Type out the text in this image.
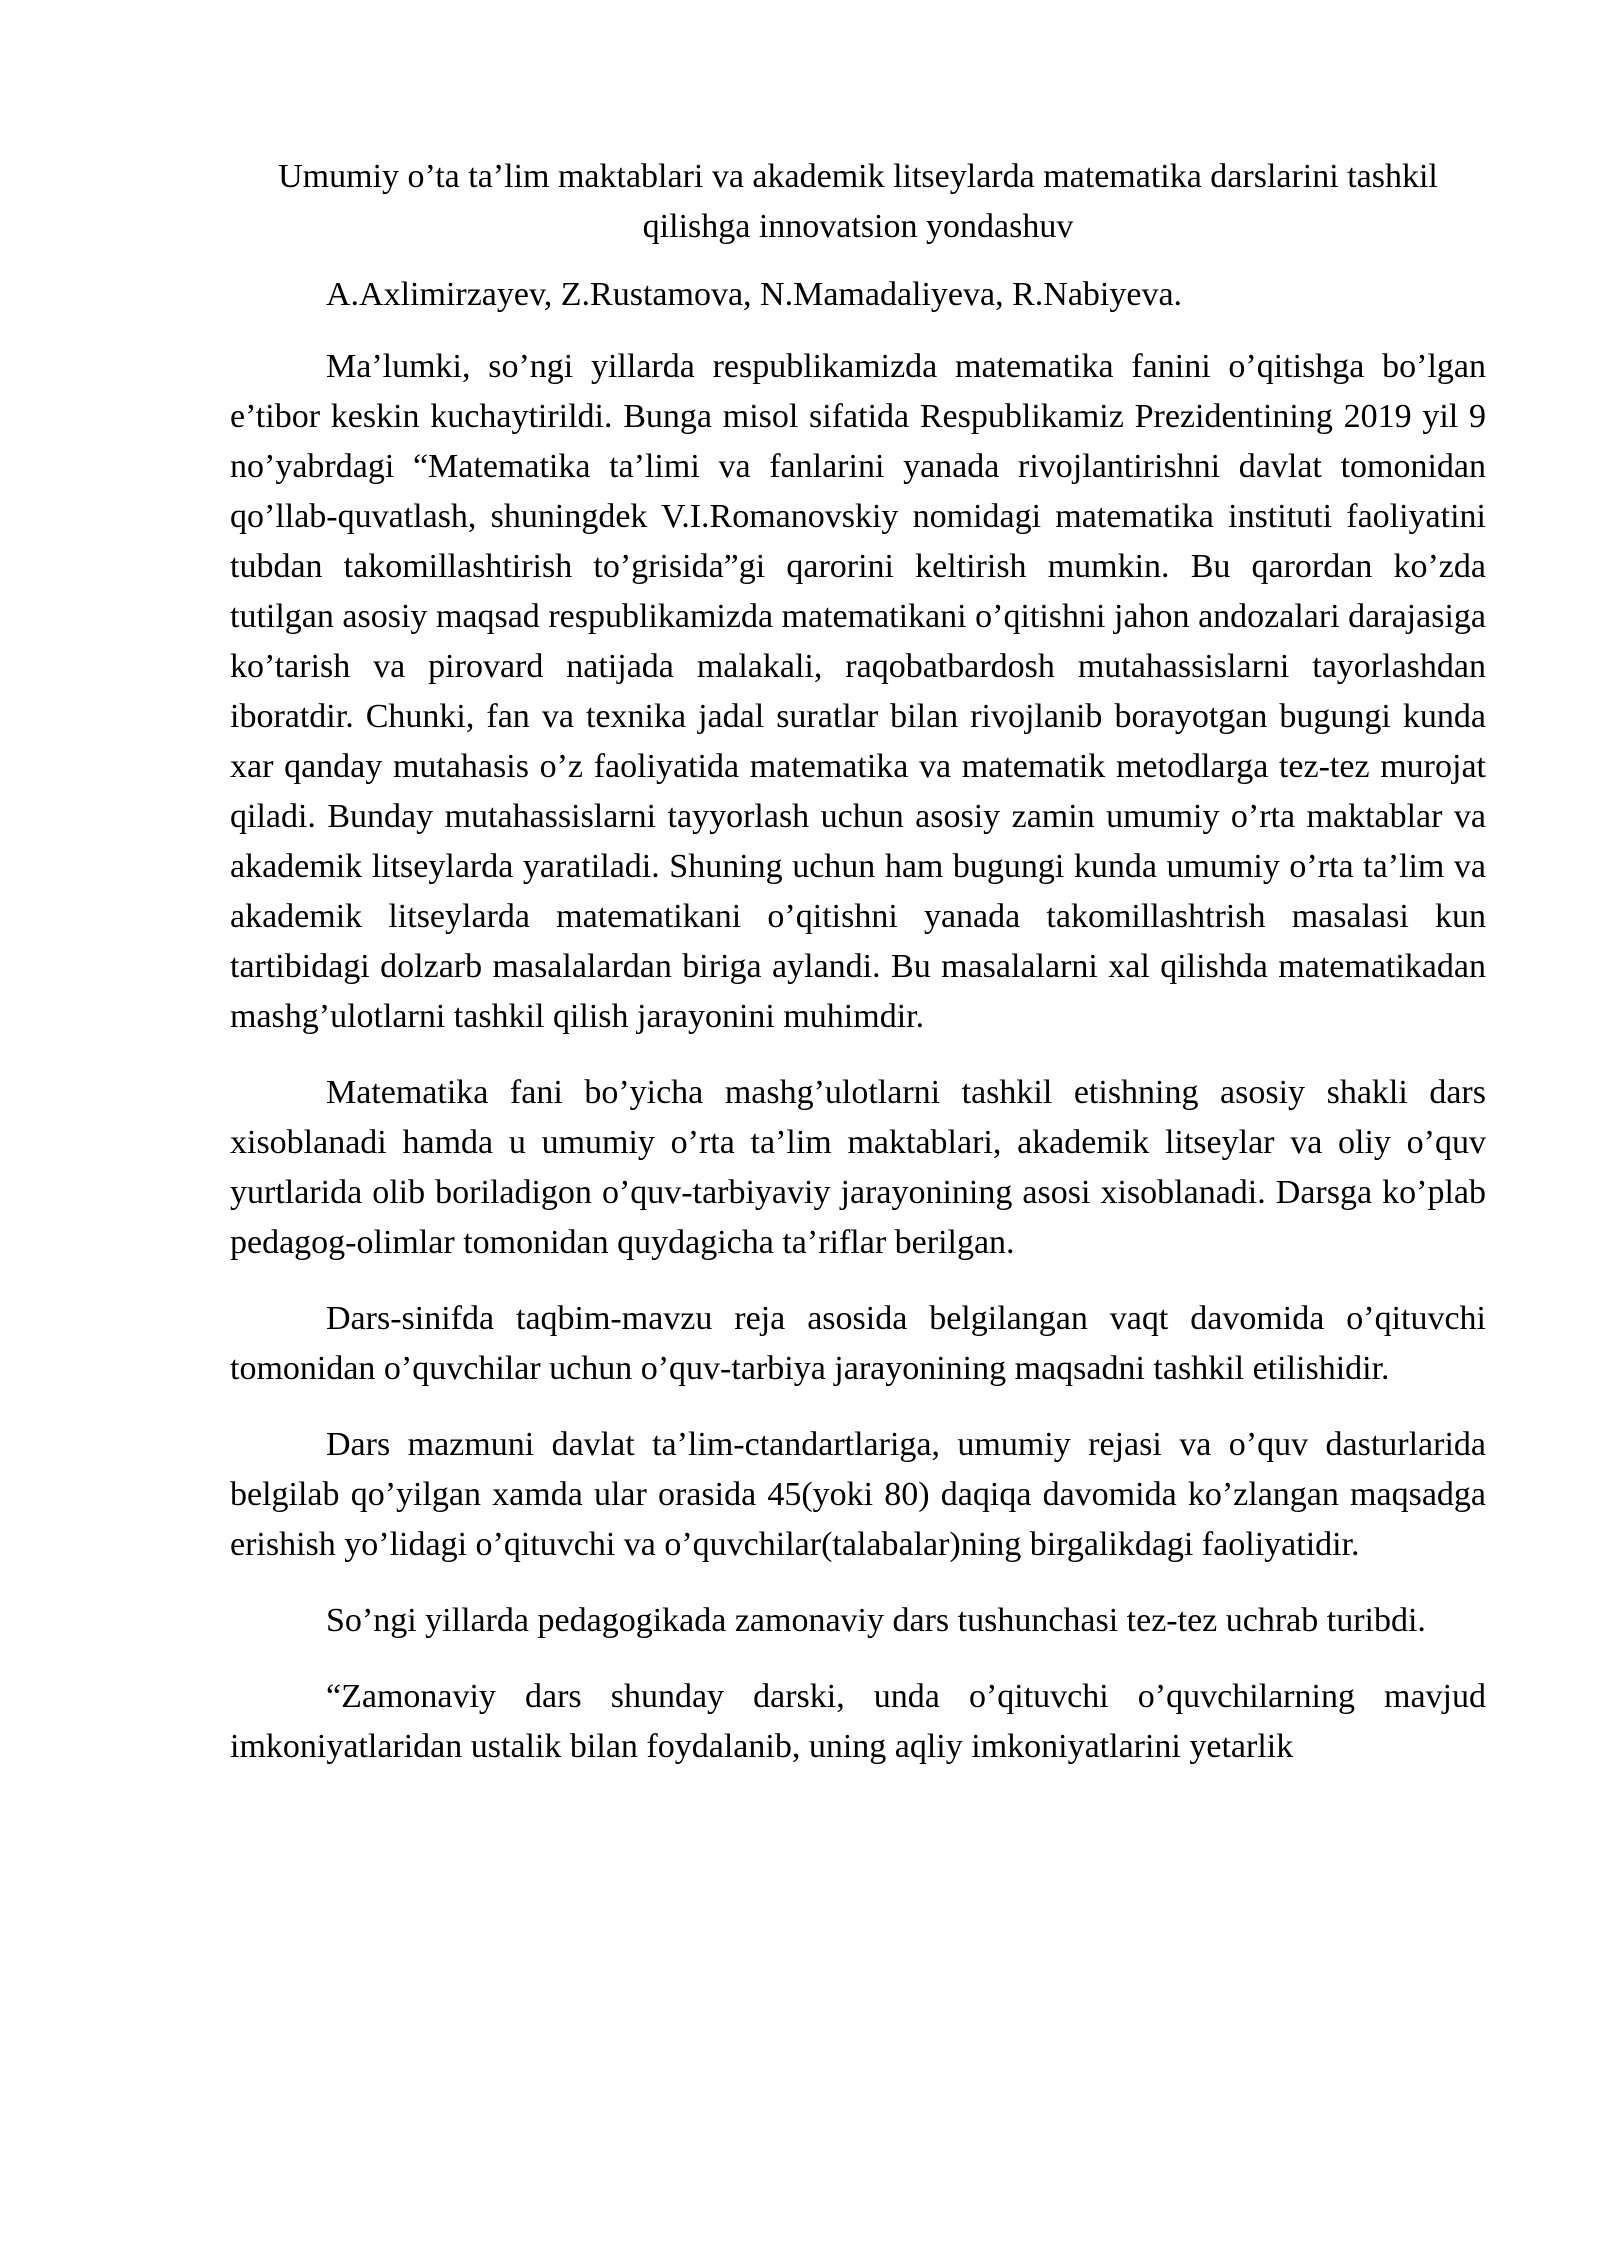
Umumiy o’ta ta’lim maktablari va akademik litseylarda matematika darslarini tashkil qilishga innovatsion yondashuv

A.Axlimirzayev, Z.Rustamova, N.Mamadaliyeva, R.Nabiyeva.

Ma’lumki, so’ngi yillarda respublikamizda matematika fanini o’qitishga bo’lgan e’tibor keskin kuchaytirildi. Bunga misol sifatida Respublikamiz Prezidentining 2019 yil 9 no’yabrdagi “Matematika ta’limi va fanlarini yanada rivojlantirishni davlat tomonidan qo’llab-quvatlash, shuningdek V.I.Romanovskiy nomidagi matematika instituti faoliyatini tubdan takomillashtirish to’grisida”gi qarorini keltirish mumkin. Bu qarordan ko’zda tutilgan asosiy maqsad respublikamizda matematikani o’qitishni jahon andozalari darajasiga ko’tarish va pirovard natijada malakali, raqobatbardosh mutahassislarni tayorlashdan iboratdir. Chunki, fan va texnika jadal suratlar bilan rivojlanib borayotgan bugungi kunda xar qanday mutahasis o’z faoliyatida matematika va matematik metodlarga tez-tez murojat qiladi. Bunday mutahassislarni tayyorlash uchun asosiy zamin umumiy o’rta maktablar va akademik litseylarda yaratiladi. Shuning uchun ham bugungi kunda umumiy o’rta ta’lim va akademik litseylarda matematikani o’qitishni yanada takomillashtrish masalasi kun tartibidagi dolzarb masalalardan biriga aylandi. Bu masalalarni xal qilishda matematikadan mashg’ulotlarni tashkil qilish jarayonini muhimdir.

Matematika fani bo’yicha mashg’ulotlarni tashkil etishning asosiy shakli dars xisoblanadi hamda u umumiy o’rta ta’lim maktablari, akademik litseylar va oliy o’quv yurtlarida olib boriladigon o’quv-tarbiyaviy jarayonining asosi xisoblanadi. Darsga ko’plab pedagog-olimlar tomonidan quydagicha ta’riflar berilgan.

Dars-sinifda taqbim-mavzu reja asosida belgilangan vaqt davomida o’qituvchi tomonidan o’quvchilar uchun o’quv-tarbiya jarayonining maqsadni tashkil etilishidir.

Dars mazmuni davlat ta’lim-ctandartlariga, umumiy rejasi va o’quv dasturlarida belgilab qo’yilgan xamda ular orasida 45(yoki 80) daqiqa davomida ko’zlangan maqsadga erishish yo’lidagi o’qituvchi va o’quvchilar(talabalar)ning birgalikdagi faoliyatidir.

So’ngi yillarda pedagogikada zamonaviy dars tushunchasi tez-tez uchrab turibdi.

“Zamonaviy dars shunday darski, unda o’qituvchi o’quvchilarning mavjud imkoniyatlaridan ustalik bilan foydalanib, uning aqliy imkoniyatlarini yetarlik
